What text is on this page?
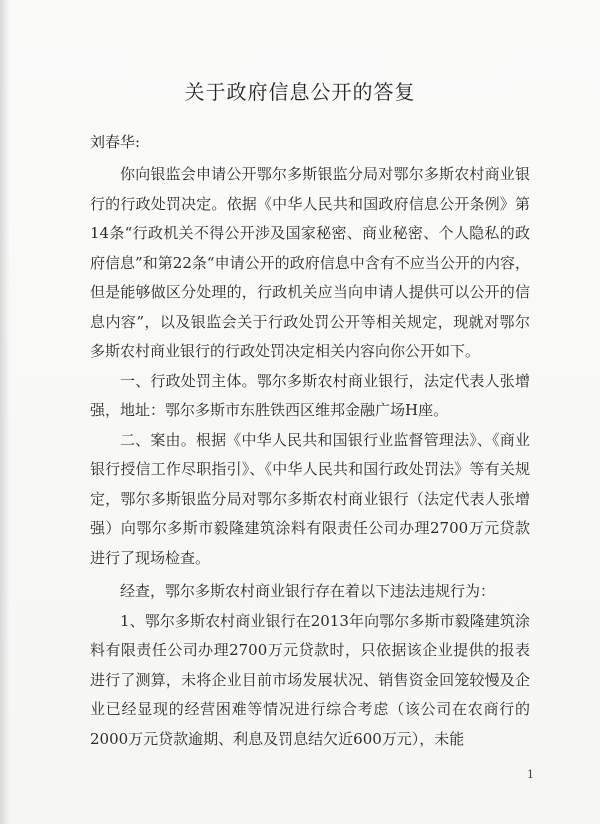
关于政府信息公开的答复
刘春华:

你向银监会申请公开鄂尔多斯银监分局对鄂尔多斯农村商业银行的行政处罚决定。依据《中华人民共和国政府信息公开条例》第14条“行政机关不得公开涉及国家秘密、商业秘密、个人隐私的政府信息”和第22条“申请公开的政府信息中含有不应当公开的内容，但是能够做区分处理的，行政机关应当向申请人提供可以公开的信息内容”，以及银监会关于行政处罚公开等相关规定，现就对鄂尔多斯农村商业银行的行政处罚决定相关内容向你公开如下。

一、行政处罚主体。鄂尔多斯农村商业银行，法定代表人张增强，地址：鄂尔多斯市东胜铁西区维邦金融广场H座。

二、案由。根据《中华人民共和国银行业监督管理法》、《商业银行授信工作尽职指引》、《中华人民共和国行政处罚法》等有关规定，鄂尔多斯银监分局对鄂尔多斯农村商业银行（法定代表人张增强）向鄂尔多斯市毅隆建筑涂料有限责任公司办理2700万元贷款进行了现场检查。

经查，鄂尔多斯农村商业银行存在着以下违法违规行为：

1、鄂尔多斯农村商业银行在2013年向鄂尔多斯市毅隆建筑涂料有限责任公司办理2700万元贷款时，只依据该企业提供的报表进行了测算，未将企业目前市场发展状况、销售资金回笼较慢及企业已经显现的经营困难等情况进行综合考虑（该公司在农商行的2000万元贷款逾期、利息及罚息结欠近600万元），未能

1
